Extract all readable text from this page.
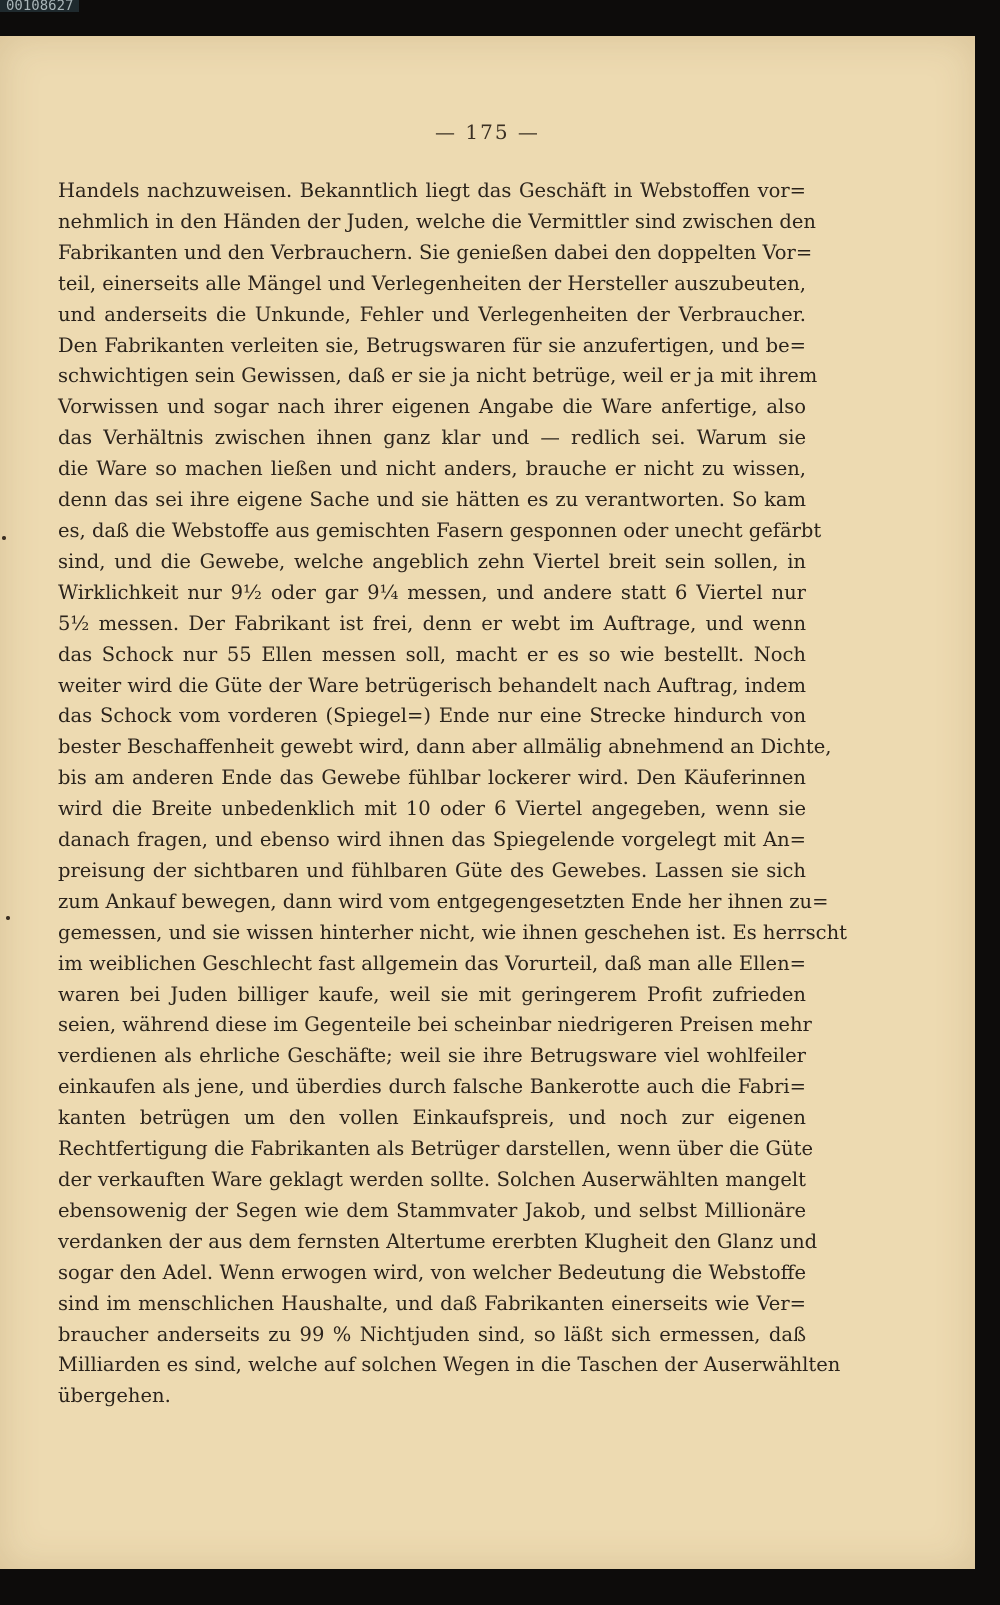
00108627
— 175 —
Handels nachzuweisen. Bekanntlich liegt das Geschäft in Webstoffen vor=
nehmlich in den Händen der Juden, welche die Vermittler sind zwischen den
Fabrikanten und den Verbrauchern. Sie genießen dabei den doppelten Vor=
teil, einerseits alle Mängel und Verlegenheiten der Hersteller auszubeuten,
und anderseits die Unkunde, Fehler und Verlegenheiten der Verbraucher.
Den Fabrikanten verleiten sie, Betrugswaren für sie anzufertigen, und be=
schwichtigen sein Gewissen, daß er sie ja nicht betrüge, weil er ja mit ihrem
Vorwissen und sogar nach ihrer eigenen Angabe die Ware anfertige, also
das Verhältnis zwischen ihnen ganz klar und — redlich sei. Warum sie
die Ware so machen ließen und nicht anders, brauche er nicht zu wissen,
denn das sei ihre eigene Sache und sie hätten es zu verantworten. So kam
es, daß die Webstoffe aus gemischten Fasern gesponnen oder unecht gefärbt
sind, und die Gewebe, welche angeblich zehn Viertel breit sein sollen, in
Wirklichkeit nur 9½ oder gar 9¼ messen, und andere statt 6 Viertel nur
5½ messen. Der Fabrikant ist frei, denn er webt im Auftrage, und wenn
das Schock nur 55 Ellen messen soll, macht er es so wie bestellt. Noch
weiter wird die Güte der Ware betrügerisch behandelt nach Auftrag, indem
das Schock vom vorderen (Spiegel=) Ende nur eine Strecke hindurch von
bester Beschaffenheit gewebt wird, dann aber allmälig abnehmend an Dichte,
bis am anderen Ende das Gewebe fühlbar lockerer wird. Den Käuferinnen
wird die Breite unbedenklich mit 10 oder 6 Viertel angegeben, wenn sie
danach fragen, und ebenso wird ihnen das Spiegelende vorgelegt mit An=
preisung der sichtbaren und fühlbaren Güte des Gewebes. Lassen sie sich
zum Ankauf bewegen, dann wird vom entgegengesetzten Ende her ihnen zu=
gemessen, und sie wissen hinterher nicht, wie ihnen geschehen ist. Es herrscht
im weiblichen Geschlecht fast allgemein das Vorurteil, daß man alle Ellen=
waren bei Juden billiger kaufe, weil sie mit geringerem Profit zufrieden
seien, während diese im Gegenteile bei scheinbar niedrigeren Preisen mehr
verdienen als ehrliche Geschäfte; weil sie ihre Betrugsware viel wohlfeiler
einkaufen als jene, und überdies durch falsche Bankerotte auch die Fabri=
kanten betrügen um den vollen Einkaufspreis, und noch zur eigenen
Rechtfertigung die Fabrikanten als Betrüger darstellen, wenn über die Güte
der verkauften Ware geklagt werden sollte. Solchen Auserwählten mangelt
ebensowenig der Segen wie dem Stammvater Jakob, und selbst Millionäre
verdanken der aus dem fernsten Altertume ererbten Klugheit den Glanz und
sogar den Adel. Wenn erwogen wird, von welcher Bedeutung die Webstoffe
sind im menschlichen Haushalte, und daß Fabrikanten einerseits wie Ver=
braucher anderseits zu 99 % Nichtjuden sind, so läßt sich ermessen, daß
Milliarden es sind, welche auf solchen Wegen in die Taschen der Auserwählten
übergehen.
